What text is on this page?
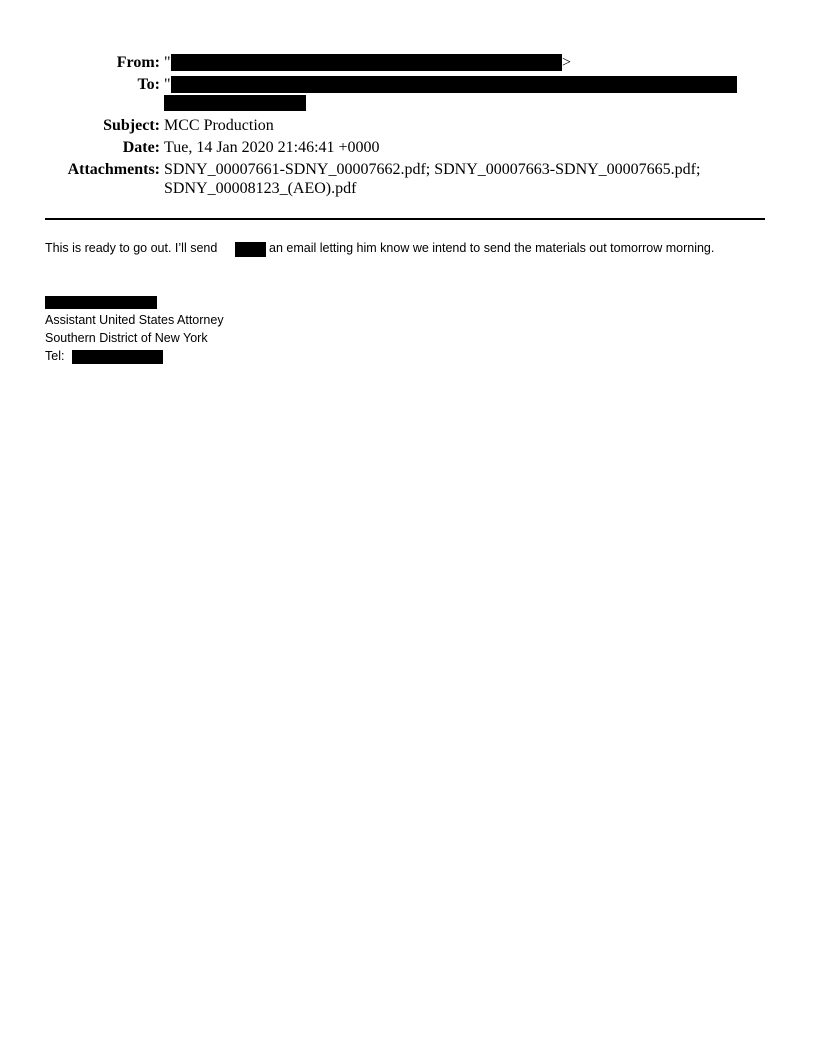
From: "	>
To: "
Subject: MCC Production
Date: Tue, 14 Jan 2020 21:46:41 +0000
Attachments: SDNY_00007661-SDNY_00007662.pdf; SDNY_00007663-SDNY_00007665.pdf;
SDNY_00008123_(AEO).pdf
This is ready to go out. I’ll send	an email letting him know we intend to send the materials out tomorrow morning.
Assistant United States Attorney
Southern District of New York
Tel:
